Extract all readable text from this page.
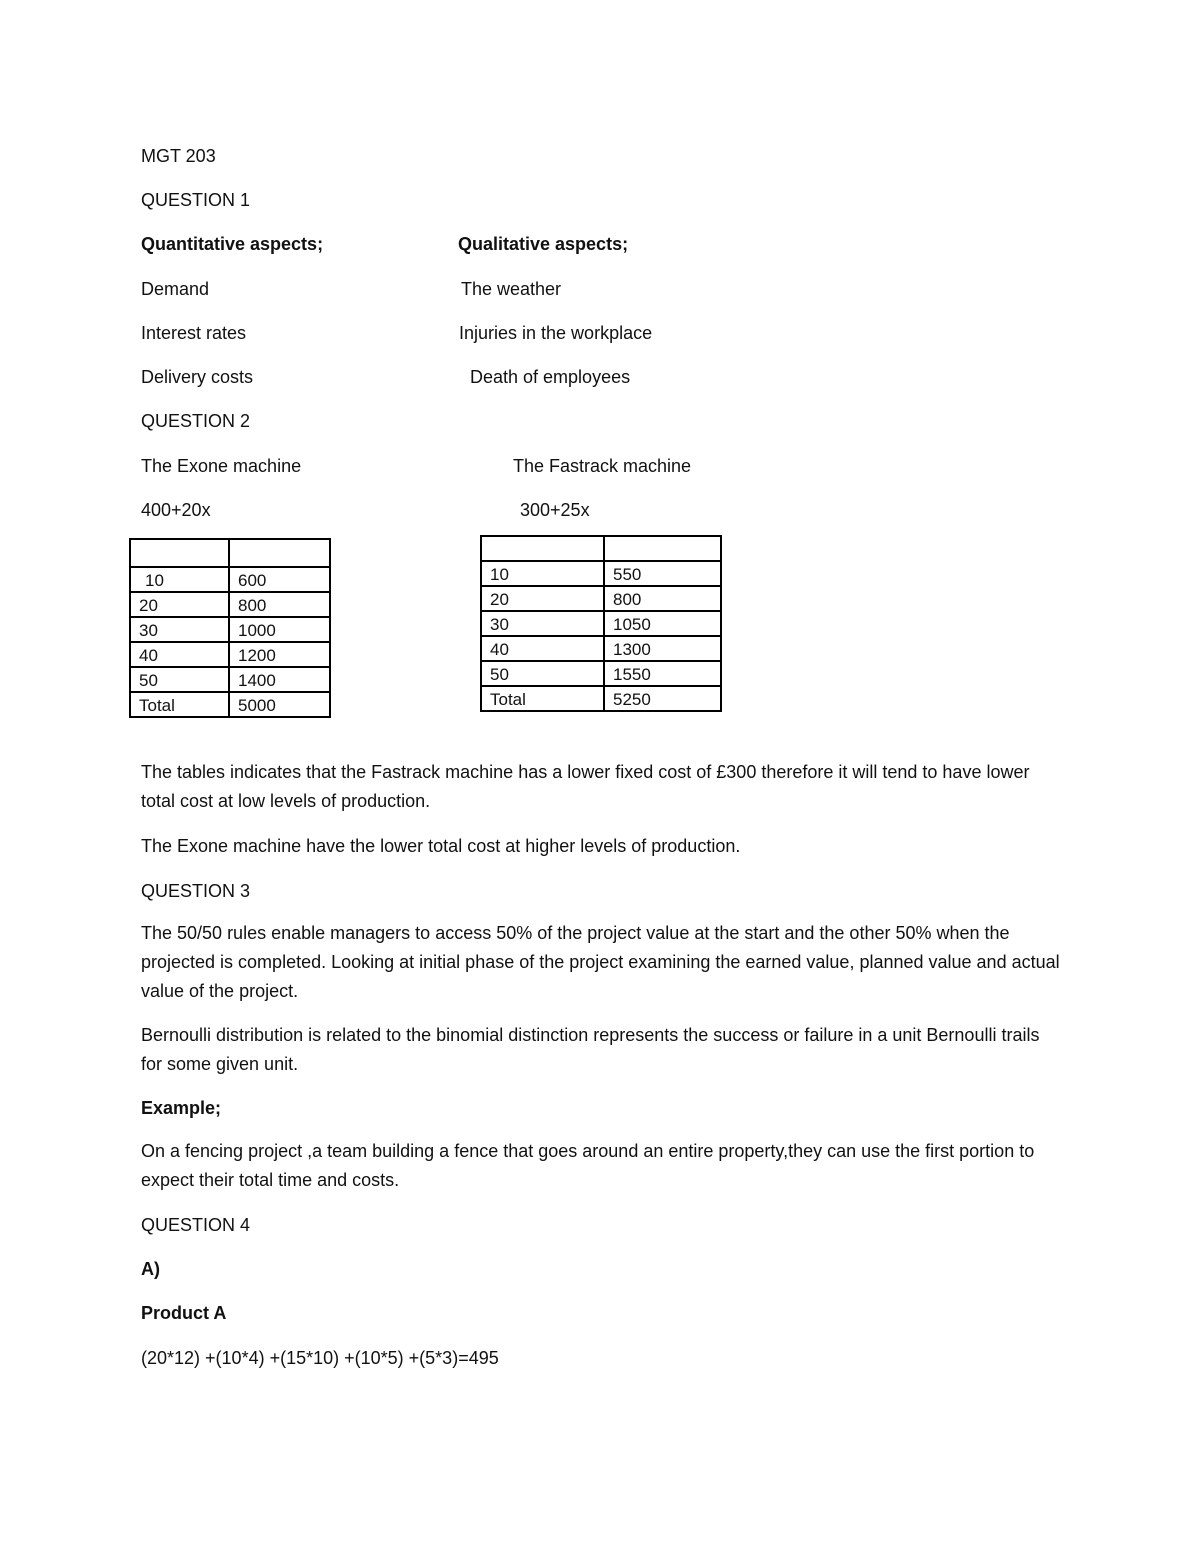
MGT 203
QUESTION 1
Quantitative aspects;	Qualitative aspects;
Demand	The weather
Interest rates	Injuries in the workplace
Delivery costs	Death of employees
QUESTION 2
The Exone machine	The Fastrack machine
400+20x	300+25x

10	600
20	800
30	1000
40	1200
50	1400
Total	5000

10	550
20	800
30	1050
40	1300
50	1550
Total	5250
The tables indicates that the Fastrack machine has a lower fixed cost of £300 therefore it will tend to have lower total cost at low levels of production.
The Exone machine have the lower total cost at higher levels of production.
QUESTION 3
The 50/50 rules enable managers to access 50% of the project value at the start and the other 50% when the projected is completed. Looking at initial phase of the project examining the earned value, planned value and actual value of the project.
Bernoulli distribution is related to the binomial distinction represents the success or failure in a unit Bernoulli trails for some given unit.
Example;
On a fencing project ,a team building a fence that goes around an entire property,they can use the first portion to expect their total time and costs.
QUESTION 4
A)
Product A
(20*12) +(10*4) +(15*10) +(10*5) +(5*3)=495
